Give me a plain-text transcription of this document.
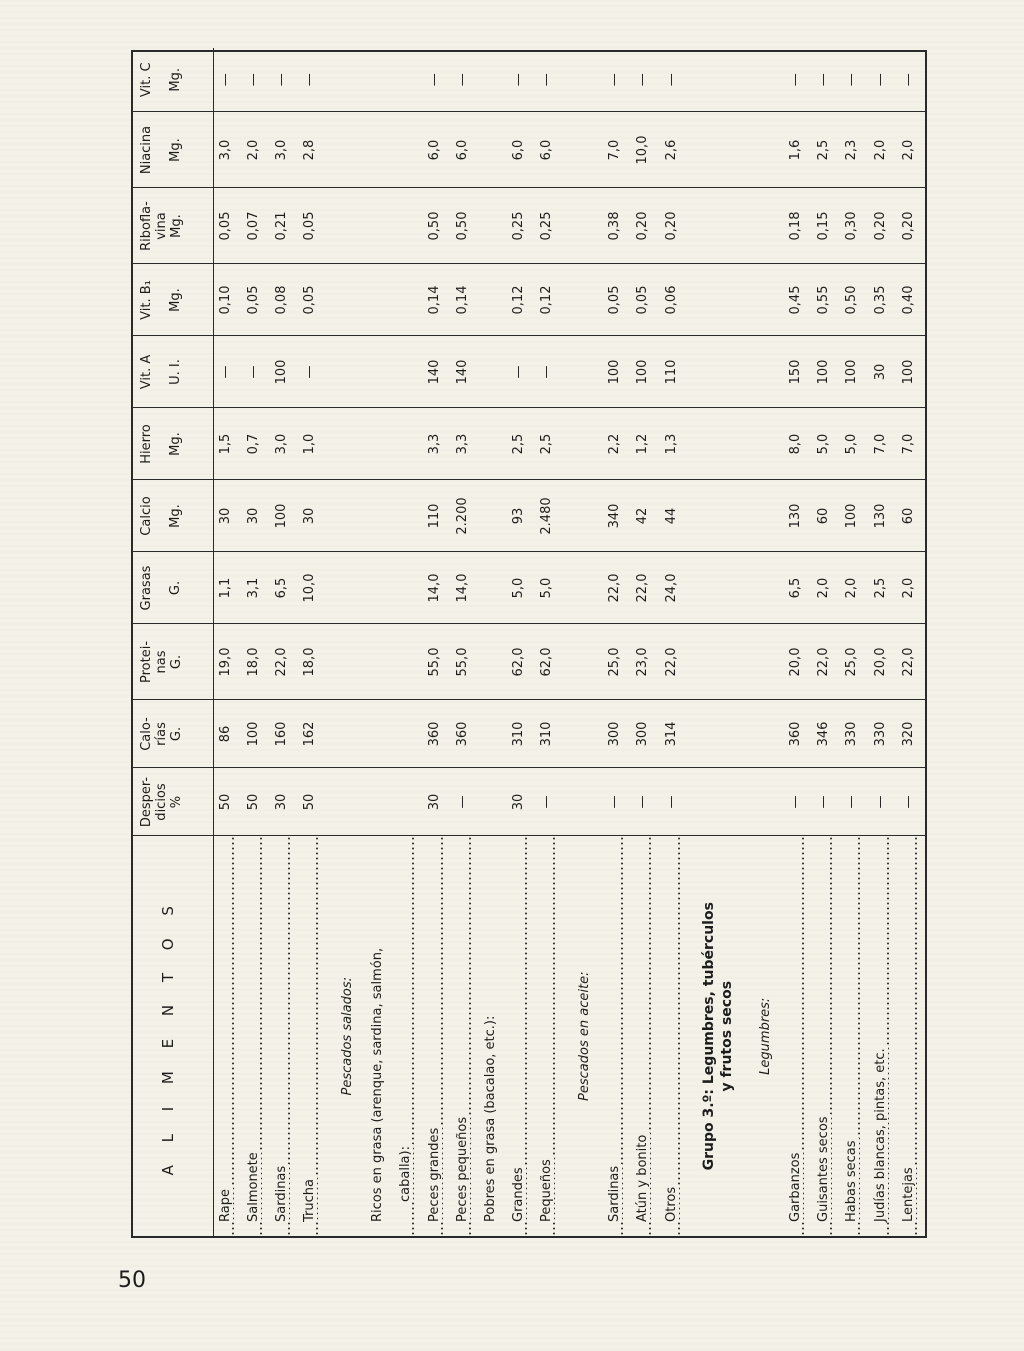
50
A L I M E N T O S	Desper-
dicios %	Calo-
rías G.	Protei-
nas G.	Grasas G.	Calcio Mg.	Hierro Mg.	Vit. A U. I.	Vit. B₁ Mg.	Ribofla-
vina Mg.	Niacina Mg.	Vit. C Mg.

Rape	50	86	19,0	1,1	30	1,5	—	0,10	0,05	3,0	—
Salmonete	50	100	18,0	3,1	30	0,7	—	0,05	0,07	2,0	—
Sardinas	30	160	22,0	6,5	100	3,0	100	0,08	0,21	3,0	—
Trucha	50	162	18,0	10,0	30	1,0	—	0,05	0,05	2,8	—
Pescados salados:											
Ricos en grasa (arenque, sardina, salmón,											
caballa):											
Peces grandes	30	360	55,0	14,0	110	3,3	140	0,14	0,50	6,0	—
Peces pequeños	—	360	55,0	14,0	2.200	3,3	140	0,14	0,50	6,0	—
Pobres en grasa (bacalao, etc.):											
Grandes	30	310	62,0	5,0	93	2,5	—	0,12	0,25	6,0	—
Pequeños	—	310	62,0	5,0	2.480	2,5	—	0,12	0,25	6,0	—
Pescados en aceite:											
Sardinas	—	300	25,0	22,0	340	2,2	100	0,05	0,38	7,0	—
Atún y bonito	—	300	23,0	22,0	42	1,2	100	0,05	0,20	10,0	—
Otros	—	314	22,0	24,0	44	1,3	110	0,06	0,20	2,6	—

Grupo 3.º: Legumbres, tubérculos y frutos secos											

Legumbres:											
Garbanzos	—	360	20,0	6,5	130	8,0	150	0,45	0,18	1,6	—
Guisantes secos	—	346	22,0	2,0	60	5,0	100	0,55	0,15	2,5	—
Habas secas	—	330	25,0	2,0	100	5,0	100	0,50	0,30	2,3	—
Judías blancas, pintas, etc.	—	330	20,0	2,5	130	7,0	30	0,35	0,20	2,0	—
Lentejas	—	320	22,0	2,0	60	7,0	100	0,40	0,20	2,0	—
